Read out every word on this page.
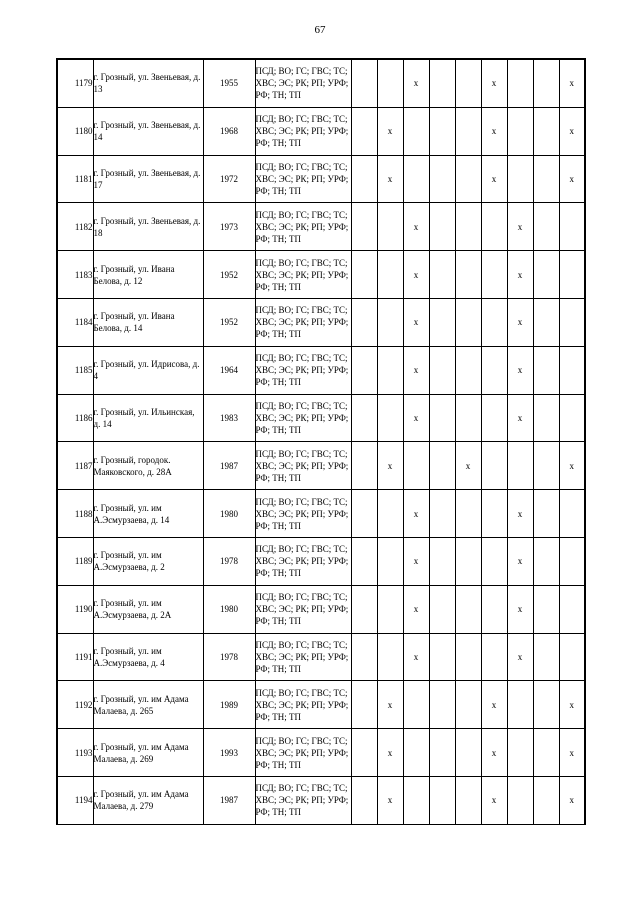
67
1179	г. Грозный, ул. Звеньевая, д. 13	1955	ПСД; ВО; ГС; ГВС; ТС; ХВС; ЭС; РК; РП; УРФ; РФ; ТН; ТП			х			х			х
1180	г. Грозный, ул. Звеньевая, д. 14	1968	ПСД; ВО; ГС; ГВС; ТС; ХВС; ЭС; РК; РП; УРФ; РФ; ТН; ТП		х				х			х
1181	г. Грозный, ул. Звеньевая, д. 17	1972	ПСД; ВО; ГС; ГВС; ТС; ХВС; ЭС; РК; РП; УРФ; РФ; ТН; ТП		х				х			х
1182	г. Грозный, ул. Звеньевая, д. 18	1973	ПСД; ВО; ГС; ГВС; ТС; ХВС; ЭС; РК; РП; УРФ; РФ; ТН; ТП			х				х		
1183	г. Грозный, ул. Ивана Белова, д. 12	1952	ПСД; ВО; ГС; ГВС; ТС; ХВС; ЭС; РК; РП; УРФ; РФ; ТН; ТП			х				х		
1184	г. Грозный, ул. Ивана Белова, д. 14	1952	ПСД; ВО; ГС; ГВС; ТС; ХВС; ЭС; РК; РП; УРФ; РФ; ТН; ТП			х				х		
1185	г. Грозный, ул. Идрисова, д. 4	1964	ПСД; ВО; ГС; ГВС; ТС; ХВС; ЭС; РК; РП; УРФ; РФ; ТН; ТП			х				х		
1186	г. Грозный, ул. Ильинская, д. 14	1983	ПСД; ВО; ГС; ГВС; ТС; ХВС; ЭС; РК; РП; УРФ; РФ; ТН; ТП			х				х		
1187	г. Грозный, городок. Маяковского, д. 28А	1987	ПСД; ВО; ГС; ГВС; ТС; ХВС; ЭС; РК; РП; УРФ; РФ; ТН; ТП		х			х				х
1188	г. Грозный, ул. им А.Эсмурзаева, д. 14	1980	ПСД; ВО; ГС; ГВС; ТС; ХВС; ЭС; РК; РП; УРФ; РФ; ТН; ТП			х				х		
1189	г. Грозный, ул. им А.Эсмурзаева, д. 2	1978	ПСД; ВО; ГС; ГВС; ТС; ХВС; ЭС; РК; РП; УРФ; РФ; ТН; ТП			х				х		
1190	г. Грозный, ул. им А.Эсмурзаева, д. 2А	1980	ПСД; ВО; ГС; ГВС; ТС; ХВС; ЭС; РК; РП; УРФ; РФ; ТН; ТП			х				х		
1191	г. Грозный, ул. им А.Эсмурзаева, д. 4	1978	ПСД; ВО; ГС; ГВС; ТС; ХВС; ЭС; РК; РП; УРФ; РФ; ТН; ТП			х				х		
1192	г. Грозный, ул. им Адама Малаева, д. 265	1989	ПСД; ВО; ГС; ГВС; ТС; ХВС; ЭС; РК; РП; УРФ; РФ; ТН; ТП		х				х			х
1193	г. Грозный, ул. им Адама Малаева, д. 269	1993	ПСД; ВО; ГС; ГВС; ТС; ХВС; ЭС; РК; РП; УРФ; РФ; ТН; ТП		х				х			х
1194	г. Грозный, ул. им Адама Малаева, д. 279	1987	ПСД; ВО; ГС; ГВС; ТС; ХВС; ЭС; РК; РП; УРФ; РФ; ТН; ТП		х				х			х
